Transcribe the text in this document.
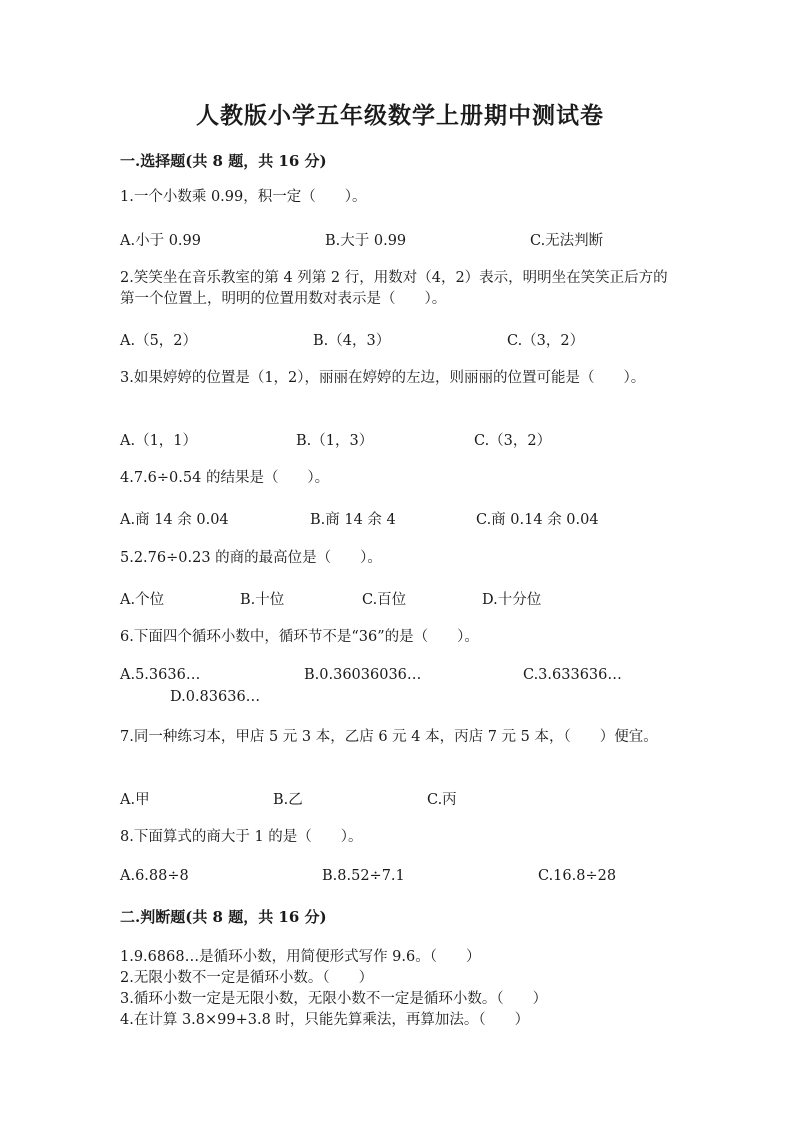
人教版小学五年级数学上册期中测试卷
一.选择题(共 8 题，共 16 分)
1.一个小数乘 0.99，积一定（　　）。
A.小于 0.99	B.大于 0.99	C.无法判断
2.笑笑坐在音乐教室的第 4 列第 2 行，用数对（4，2）表示，明明坐在笑笑正后方的第一个位置上，明明的位置用数对表示是（　　）。
A.（5，2）	B.（4，3）	C.（3，2）
3.如果婷婷的位置是（1，2），丽丽在婷婷的左边，则丽丽的位置可能是（　　）。
A.（1，1）	B.（1，3）	C.（3，2）
4.7.6÷0.54 的结果是（　　）。
A.商 14 余 0.04	B.商 14 余 4	C.商 0.14 余 0.04
5.2.76÷0.23 的商的最高位是（　　）。
A.个位	B.十位	C.百位	D.十分位
6.下面四个循环小数中，循环节不是“36”的是（　　）。
A.5.3636…	B.0.36036036…	C.3.633636…
D.0.83636…
7.同一种练习本，甲店 5 元 3 本，乙店 6 元 4 本，丙店 7 元 5 本，（　　）便宜。
A.甲	B.乙	C.丙
8.下面算式的商大于 1 的是（　　）。
A.6.88÷8	B.8.52÷7.1	C.16.8÷28
二.判断题(共 8 题，共 16 分)
1.9.6868…是循环小数，用简便形式写作 9.6。（　　）
2.无限小数不一定是循环小数。（　　）
3.循环小数一定是无限小数，无限小数不一定是循环小数。（　　）
4.在计算 3.8×99+3.8 时，只能先算乘法，再算加法。（　　）
